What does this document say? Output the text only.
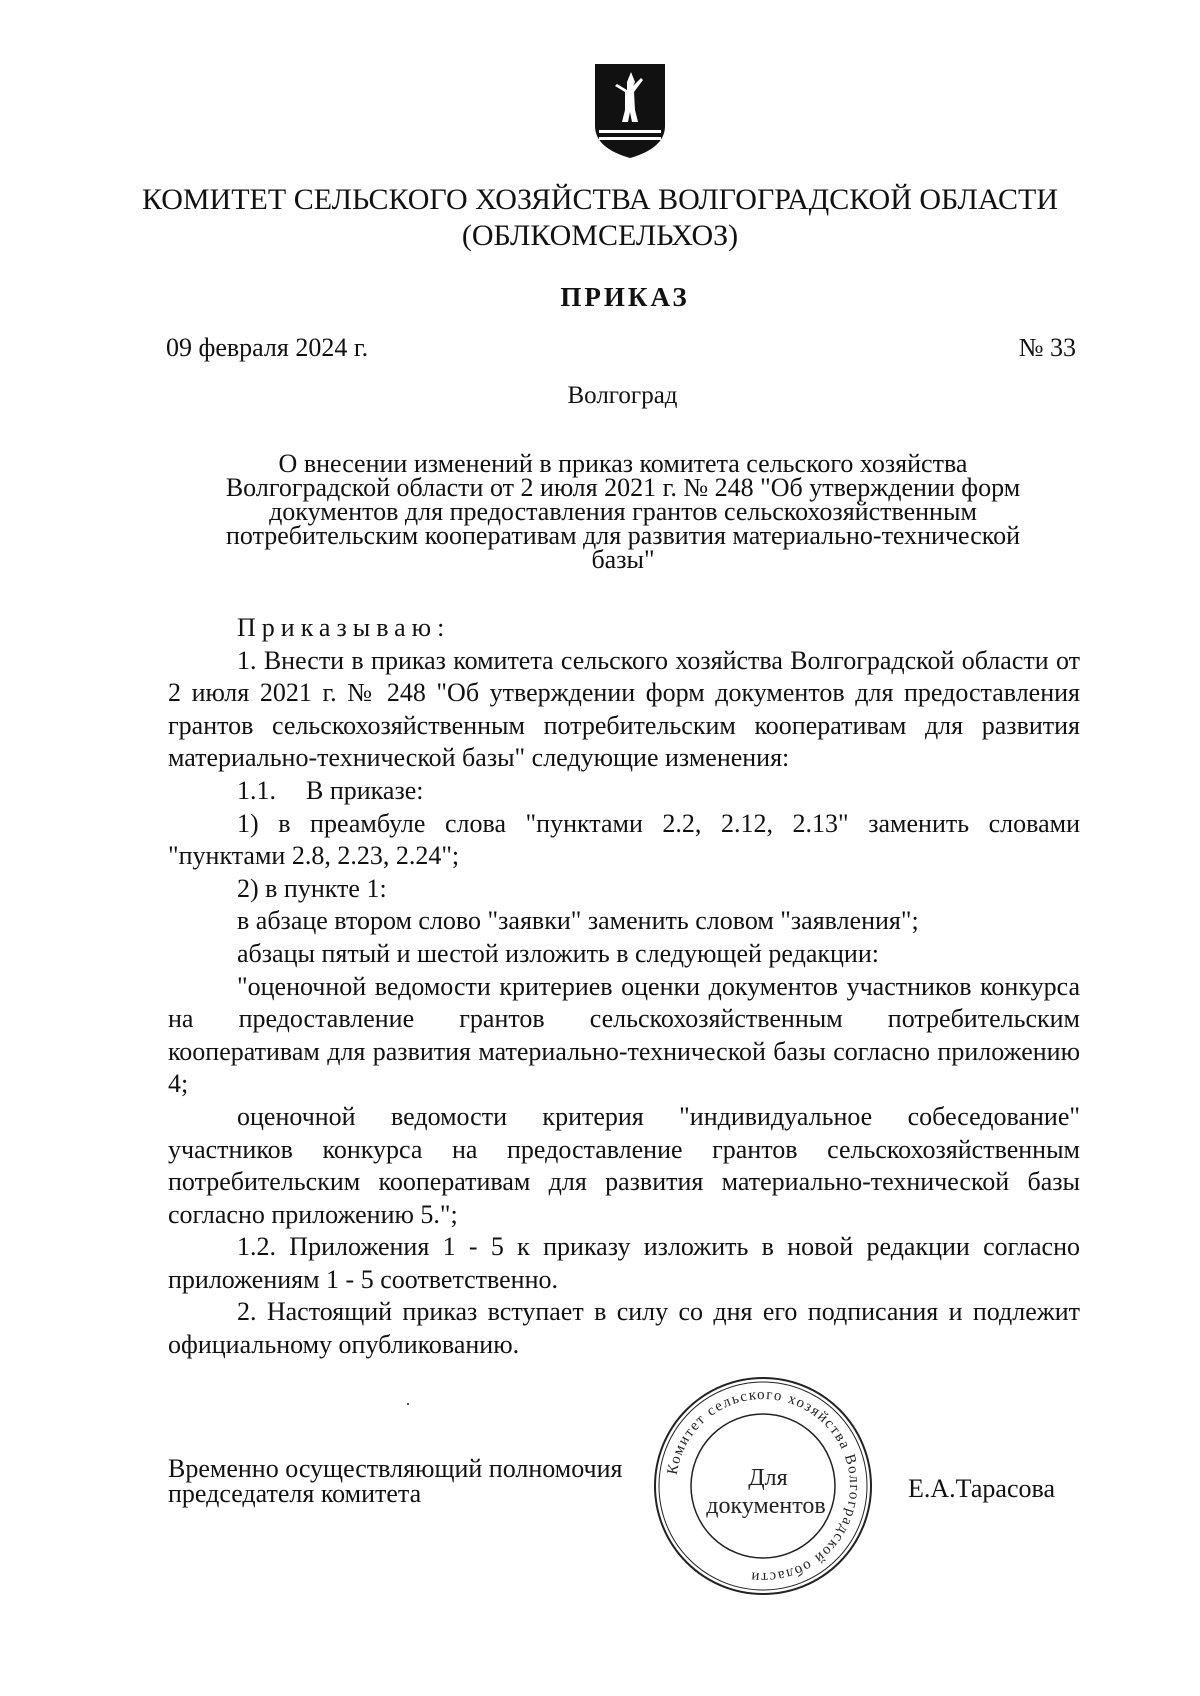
КОМИТЕТ СЕЛЬСКОГО ХОЗЯЙСТВА ВОЛГОГРАДСКОЙ ОБЛАСТИ
(ОБЛКОМСЕЛЬХОЗ)
ПРИКАЗ
09 февраля 2024 г.	№ 33
Волгоград
О внесении изменений в приказ комитета сельского хозяйства
Волгоградской области от 2 июля 2021 г. № 248 "Об утверждении форм
документов для предоставления грантов сельскохозяйственным
потребительским кооперативам для развития материально-технической
базы"

Приказываю:

1. Внести в приказ комитета сельского хозяйства Волгоградской области от 2 июля 2021 г. № 248 "Об утверждении форм документов для предоставления грантов сельскохозяйственным потребительским кооперативам для развития материально-технической базы" следующие изменения:

1.1. В приказе:

1) в преамбуле слова "пунктами 2.2, 2.12, 2.13" заменить словами "пунктами 2.8, 2.23, 2.24";

2) в пункте 1:

в абзаце втором слово "заявки" заменить словом "заявления";

абзацы пятый и шестой изложить в следующей редакции:

"оценочной ведомости критериев оценки документов участников конкурса на предоставление грантов сельскохозяйственным потребительским кооперативам для развития материально-технической базы согласно приложению 4;

оценочной ведомости критерия "индивидуальное собеседование" участников конкурса на предоставление грантов сельскохозяйственным потребительским кооперативам для развития материально-технической базы согласно приложению 5.";

1.2. Приложения 1 - 5 к приказу изложить в новой редакции согласно приложениям 1 - 5 соответственно.

2. Настоящий приказ вступает в силу со дня его подписания и подлежит официальному опубликованию.

Временно осуществляющий полномочия
председателя комитета	Е.А.Тарасова
Комитет сельского хозяйства Волгоградской области
Для
документов
